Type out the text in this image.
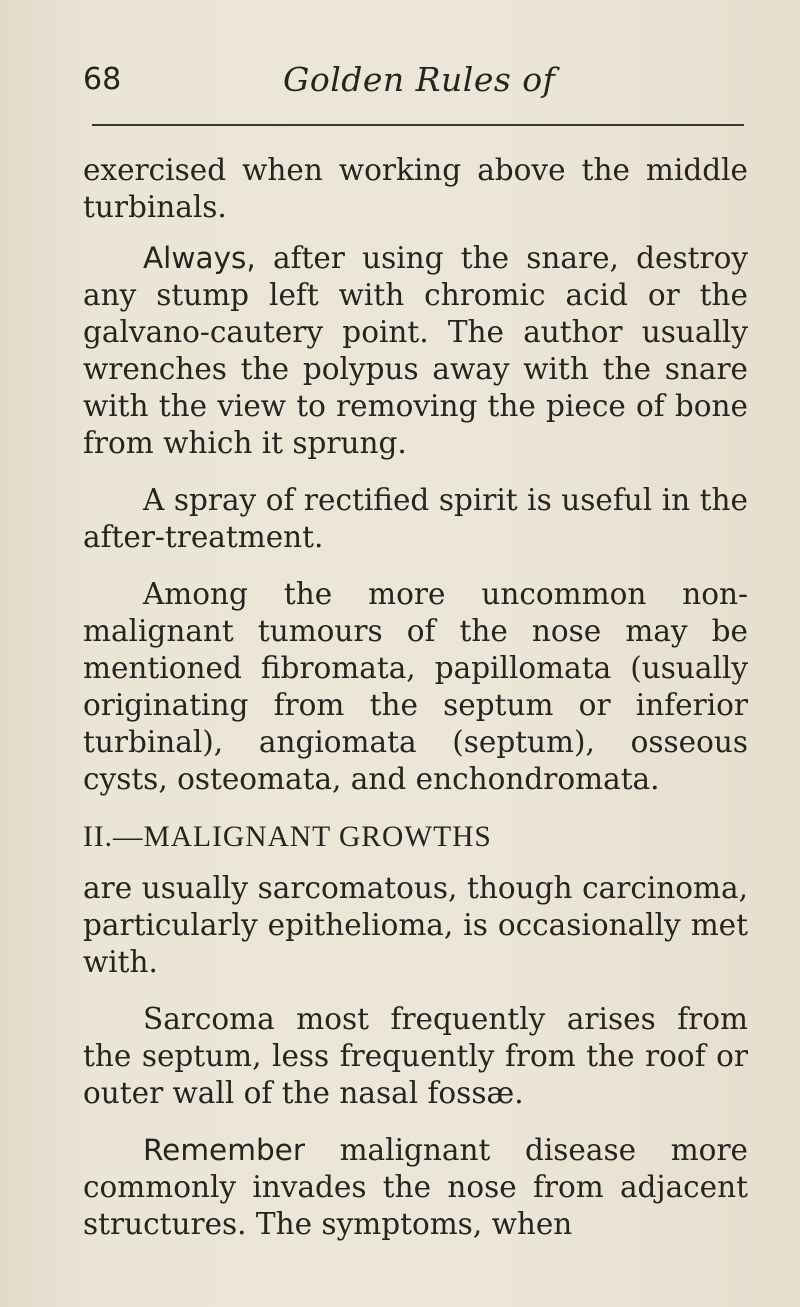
68	Golden Rules of

exercised when working above the middle turbinals.

Always, after using the snare, destroy any stump left with chromic acid or the galvano-cautery point. The author usually wrenches the polypus away with the snare with the view to removing the piece of bone from which it sprung.

A spray of rectified spirit is useful in the after-treatment.

Among the more uncommon non-malignant tumours of the nose may be mentioned fibromata, papillomata (usually originating from the septum or inferior turbinal), angiomata (septum), osseous cysts, osteomata, and enchondromata.

II.—MALIGNANT GROWTHS

are usually sarcomatous, though carcinoma, particularly epithelioma, is occasionally met with.

Sarcoma most frequently arises from the septum, less frequently from the roof or outer wall of the nasal fossæ.

Remember malignant disease more commonly invades the nose from adjacent structures. The symptoms, when
